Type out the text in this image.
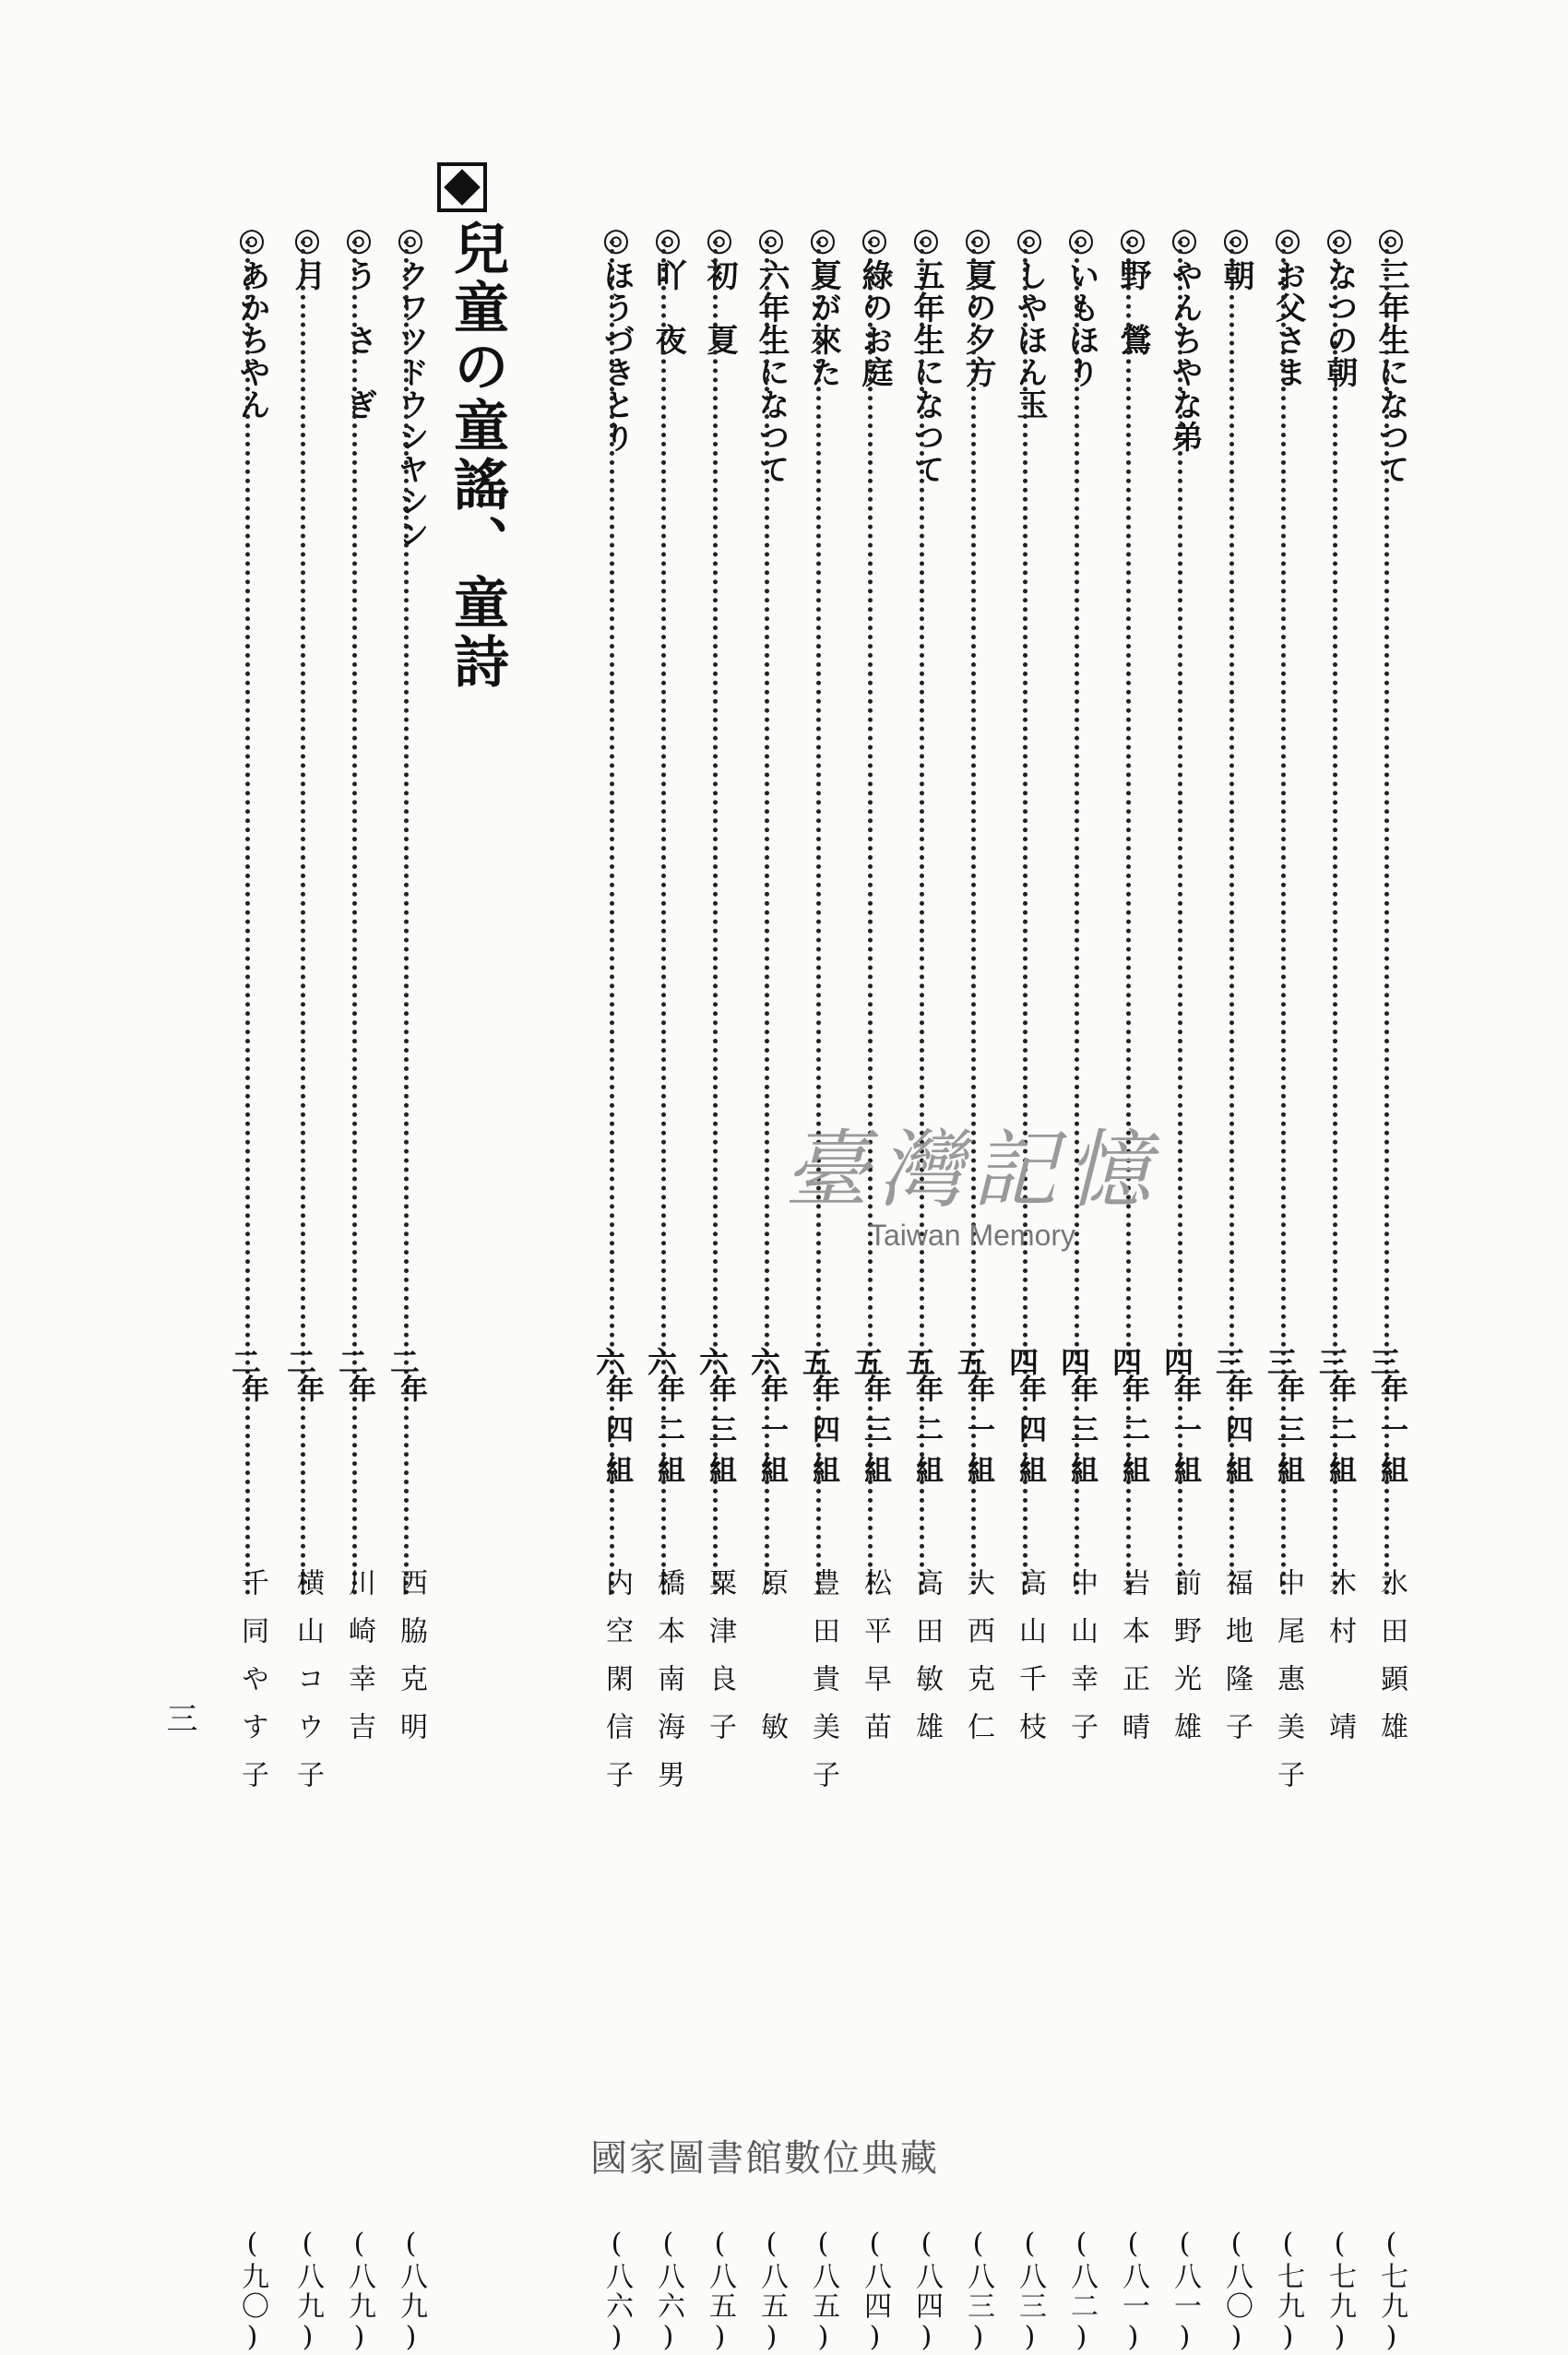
◎三年生になつて
三
年一組
水田顕雄
(七九)
◎なつの朝
三
年二組
木村　靖
(七九)
◎お父さま
三
年三組
中尾惠美子
(七九)
◎朝
三
年四組
福地隆子
(八〇)
◎やんちやな弟
四
年一組
前野光雄
(八一)
◎野　鶯
四
年二組
岩本正晴
(八一)
◎いもほり
四
年三組
中山幸子
(八二)
◎しやほん玉
四
年四組
高山千枝
(八三)
◎夏の夕方
五
年一組
大西克仁
(八三)
◎五年生になつて
五
年二組
高田敏雄
(八四)
◎綠のお庭
五
年三組
松平早苗
(八四)
◎夏が來た
五
年四組
豊田貴美子
(八五)
◎六年生になつて
六
年一組
原　　敏
(八五)
◎初　夏
六
年三組
粟津良子
(八五)
◎吖　夜
六
年二組
橋本南海男
(八六)
◎ほうづきとり
六
年四組
内空閑信子
(八六)
◎クワツドウシヤシン
二
年
西脇克明
(八九)
◎う　さ　ぎ
二
年
川崎幸吉
(八九)
◎月
二
年
横山コウ子
(八九)
◎あかちやん
二
年
千同やす子
(九〇)
兒童の童謠、童詩
臺灣記憶
Taiwan Memory
三
國家圖書館數位典藏
